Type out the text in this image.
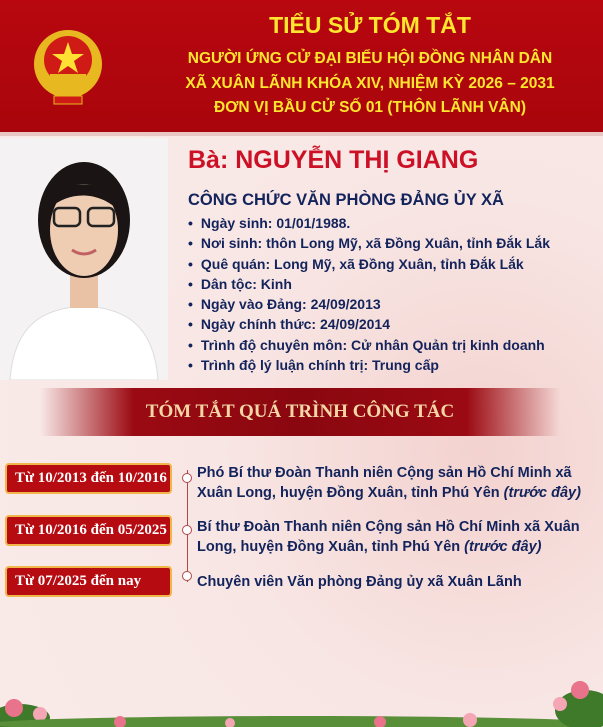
TIỂU SỬ TÓM TẮT
NGƯỜI ỨNG CỬ ĐẠI BIỂU HỘI ĐỒNG NHÂN DÂN
XÃ XUÂN LÃNH KHÓA XIV, NHIỆM KỲ 2026 – 2031
ĐƠN VỊ BẦU CỬ SỐ 01 (THÔN LÃNH VÂN)
Bà: NGUYỄN THỊ GIANG
CÔNG CHỨC VĂN PHÒNG ĐẢNG ỦY XÃ
• Ngày sinh: 01/01/1988.
• Nơi sinh: thôn Long Mỹ, xã Đồng Xuân, tỉnh Đắk Lắk
• Quê quán: Long Mỹ, xã Đồng Xuân, tỉnh Đắk Lắk
• Dân tộc: Kinh
• Ngày vào Đảng: 24/09/2013
• Ngày chính thức: 24/09/2014
• Trình độ chuyên môn: Cử nhân Quản trị kinh doanh
• Trình độ lý luận chính trị: Trung cấp
TÓM TẮT QUÁ TRÌNH CÔNG TÁC
Từ 10/2013 đến 10/2016	Phó Bí thư Đoàn Thanh niên Cộng sản Hồ Chí Minh xã Xuân Long, huyện Đồng Xuân, tỉnh Phú Yên (trước đây)
Từ 10/2016 đến 05/2025	Bí thư Đoàn Thanh niên Cộng sản Hồ Chí Minh xã Xuân Long, huyện Đồng Xuân, tỉnh Phú Yên (trước đây)
Từ 07/2025 đến nay	Chuyên viên Văn phòng Đảng ủy xã Xuân Lãnh
